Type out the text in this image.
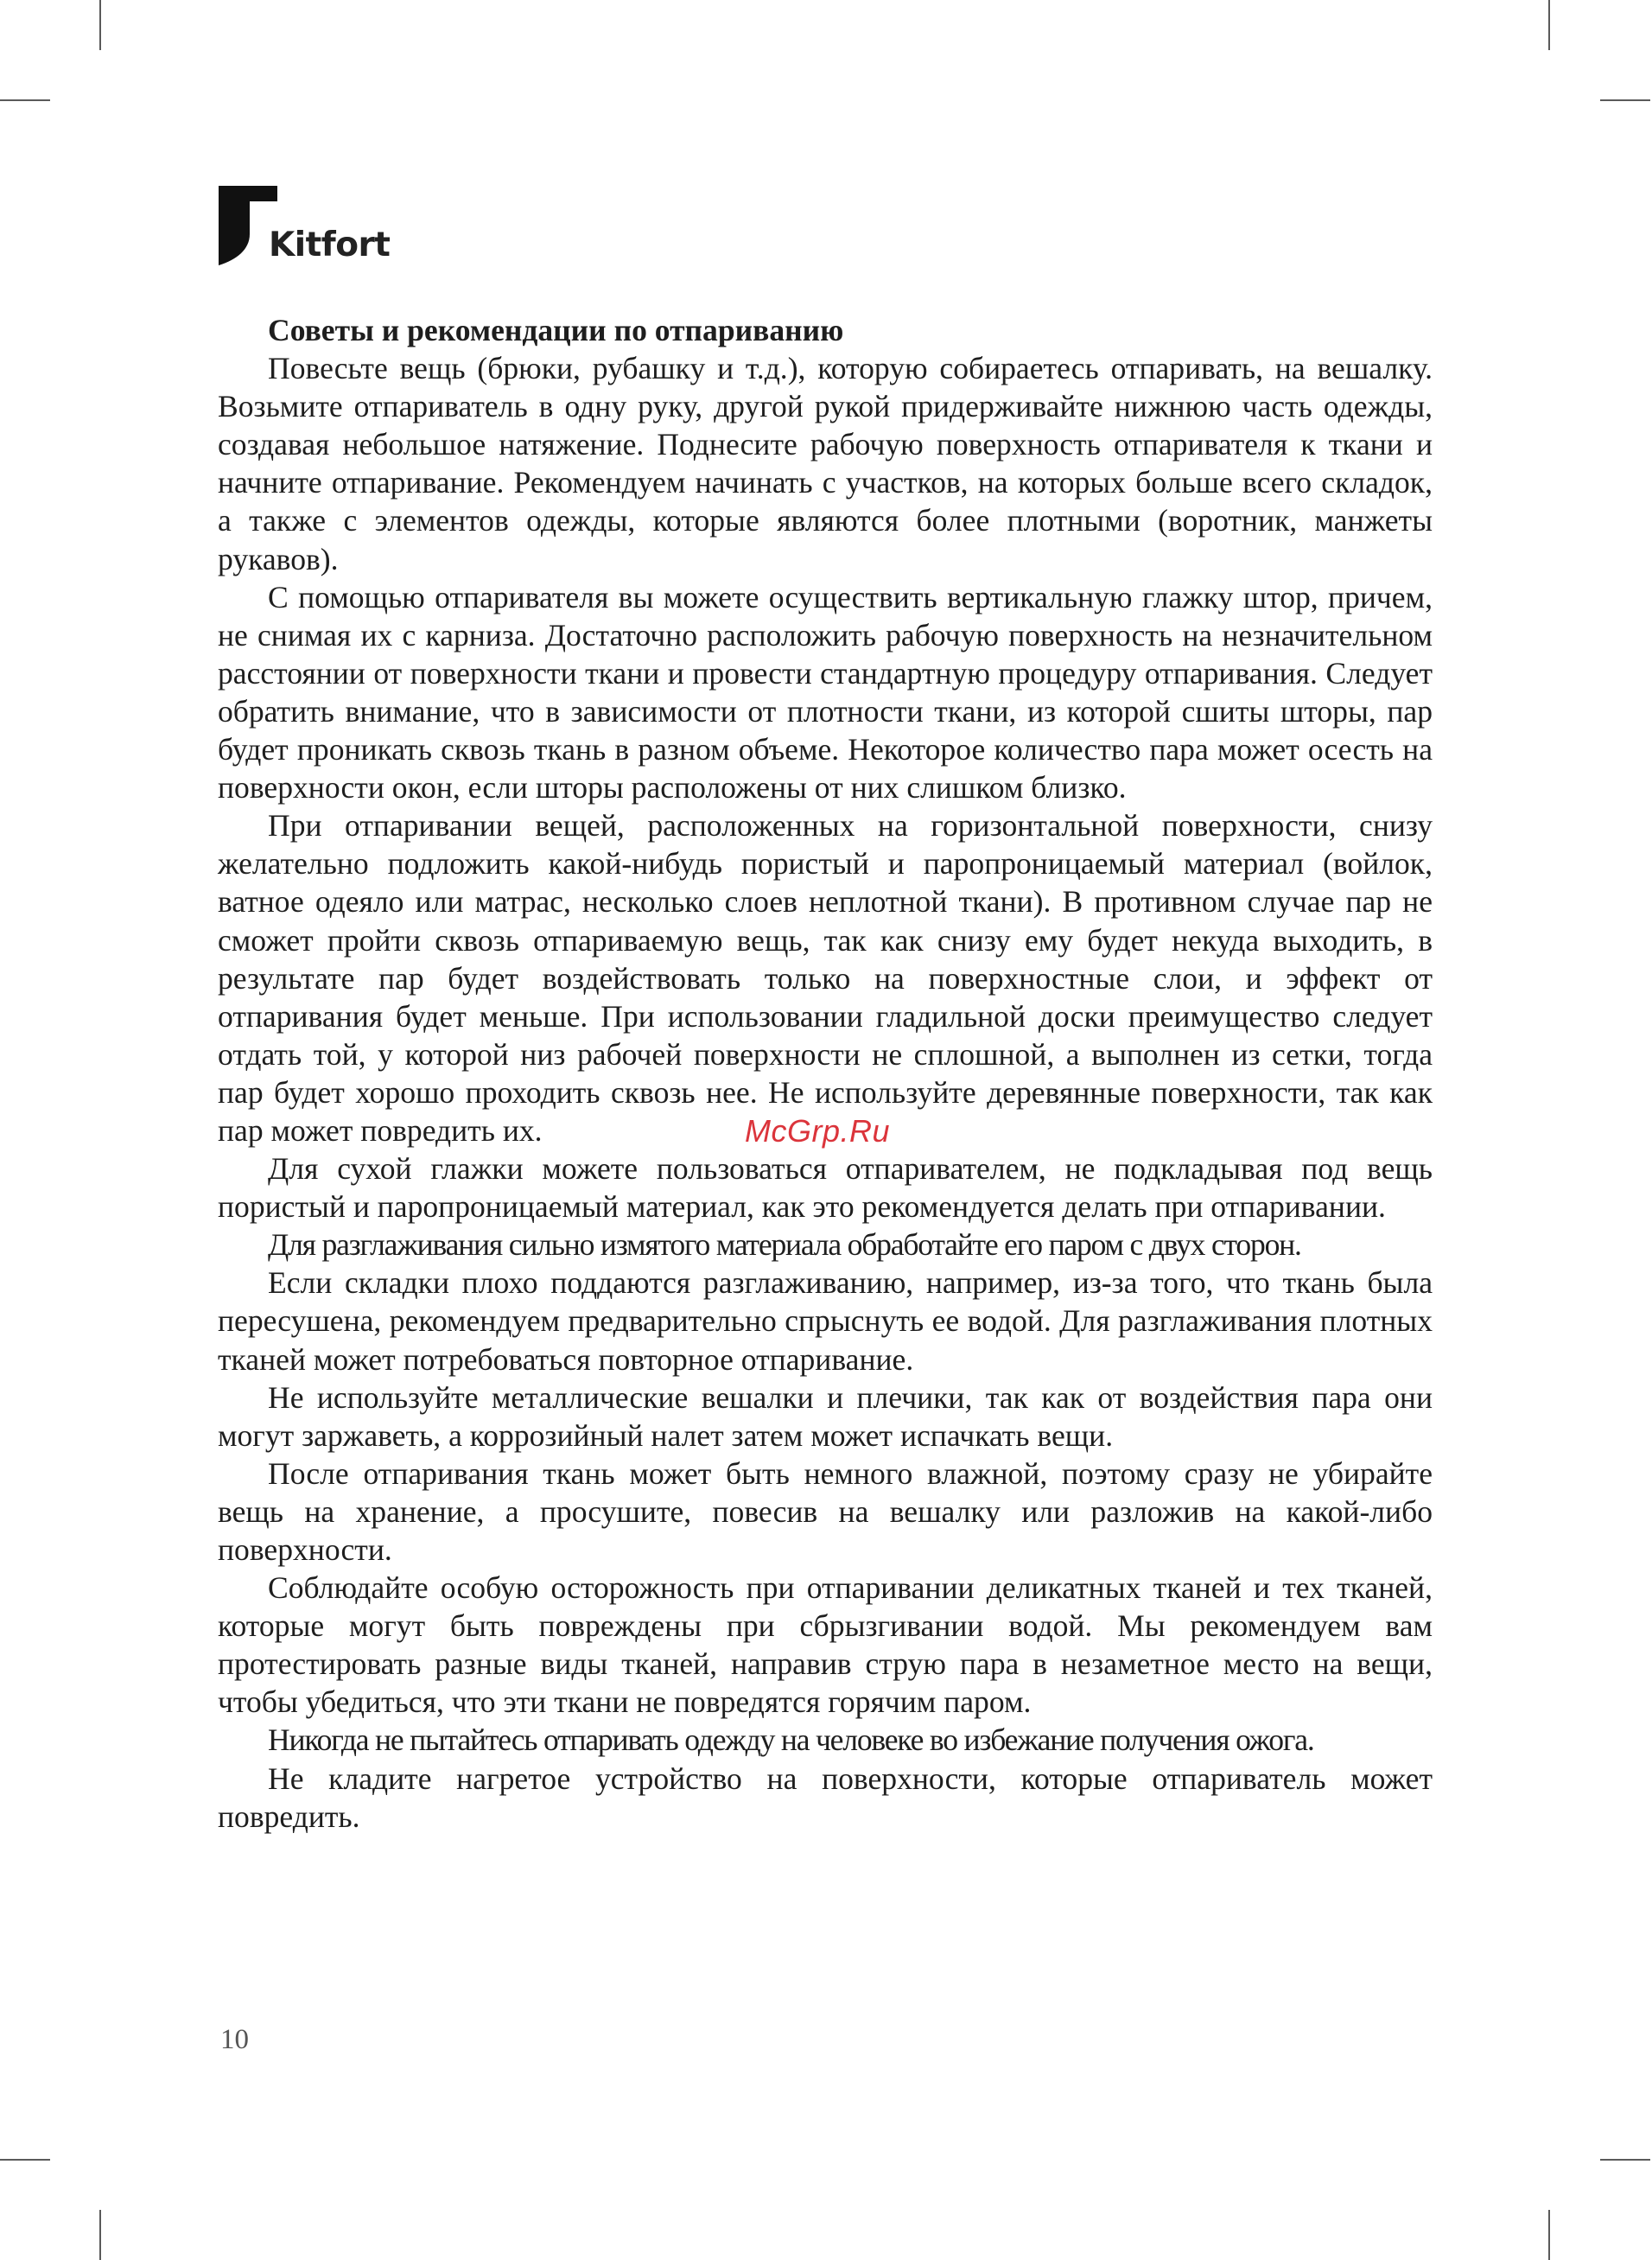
Kitfort

Советы и рекомендации по отпариванию

Повесьте вещь (брюки, рубашку и т.д.), которую собираетесь отпаривать, на вешалку. Возьмите отпариватель в одну руку, другой рукой придерживайте нижнюю часть одежды, создавая небольшое натяжение. Поднесите рабочую поверхность отпаривателя к ткани и начните отпаривание. Рекомендуем начинать с участков, на которых больше всего складок, а также с элементов одежды, которые являются более плотными (воротник, манжеты рукавов).

С помощью отпаривателя вы можете осуществить вертикальную глажку штор, причем, не снимая их с карниза. Достаточно расположить рабочую поверхность на незначительном расстоянии от поверхности ткани и провести стандартную процедуру отпаривания. Следует обратить внимание, что в зависимости от плотности ткани, из которой сшиты шторы, пар будет проникать сквозь ткань в разном объеме. Некоторое количество пара может осесть на поверхности окон, если шторы расположены от них слишком близко.

При отпаривании вещей, расположенных на горизонтальной поверхности, снизу желательно подложить какой-нибудь пористый и паропроницаемый материал (войлок, ватное одеяло или матрас, несколько слоев неплотной ткани). В противном случае пар не сможет пройти сквозь отпариваемую вещь, так как снизу ему будет некуда выходить, в результате пар будет воздействовать только на поверхностные слои, и эффект от отпаривания будет меньше. При использовании гладильной доски преимущество следует отдать той, у которой низ рабочей поверхности не сплошной, а выполнен из сетки, тогда пар будет хорошо проходить сквозь нее. Не используйте деревянные поверхности, так как пар может повредить их.

Для сухой глажки можете пользоваться отпаривателем, не подкладывая под вещь пористый и паропроницаемый материал, как это рекомендуется делать при отпаривании.

Для разглаживания сильно измятого материала обработайте его паром с двух сторон.

Если складки плохо поддаются разглаживанию, например, из-за того, что ткань была пересушена, рекомендуем предварительно спрыснуть ее водой. Для разглаживания плотных тканей может потребоваться повторное отпаривание.

Не используйте металлические вешалки и плечики, так как от воздействия пара они могут заржаветь, а коррозийный налет затем может испачкать вещи.

После отпаривания ткань может быть немного влажной, поэтому сразу не убирайте вещь на хранение, а просушите, повесив на вешалку или разложив на какой-либо поверхности.

Соблюдайте особую осторожность при отпаривании деликатных тканей и тех тканей, которые могут быть повреждены при сбрызгивании водой. Мы рекомендуем вам протестировать разные виды тканей, направив струю пара в незаметное место на вещи, чтобы убедиться, что эти ткани не повредятся горячим паром.

Никогда не пытайтесь отпаривать одежду на человеке во избежание получения ожога.

Не кладите нагретое устройство на поверхности, которые отпариватель может повредить.

McGrp.Ru
10
